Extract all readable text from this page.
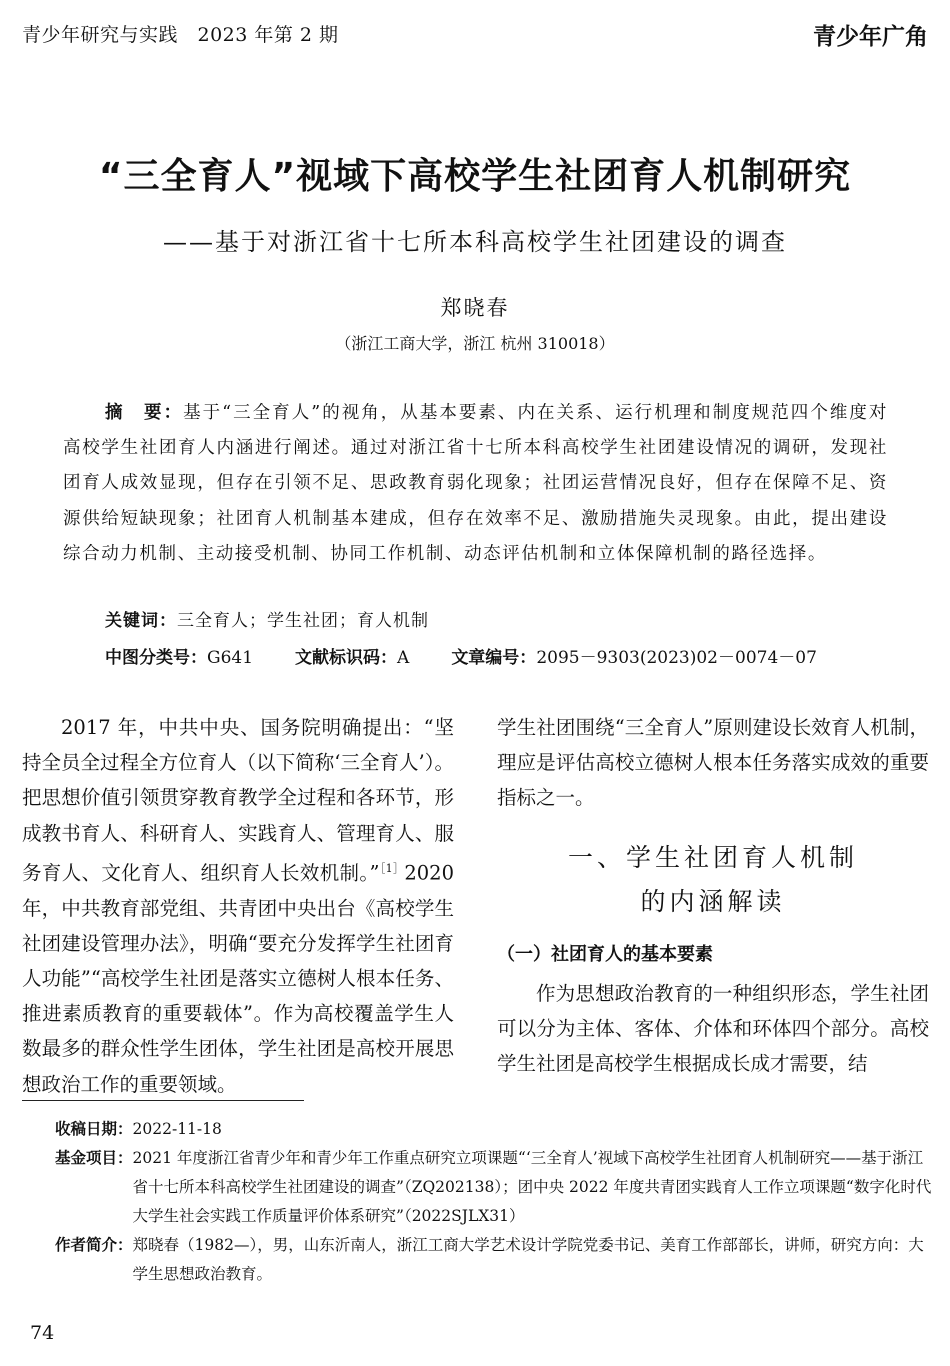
青少年研究与实践　2023 年第 2 期	青少年广角
“三全育人”视域下高校学生社团育人机制研究
——基于对浙江省十七所本科高校学生社团建设的调查
郑晓春
（浙江工商大学，浙江 杭州 310018）
摘　要：基于“三全育人”的视角，从基本要素、内在关系、运行机理和制度规范四个维度对高校学生社团育人内涵进行阐述。通过对浙江省十七所本科高校学生社团建设情况的调研，发现社团育人成效显现，但存在引领不足、思政教育弱化现象；社团运营情况良好，但存在保障不足、资源供给短缺现象；社团育人机制基本建成，但存在效率不足、激励措施失灵现象。由此，提出建设综合动力机制、主动接受机制、协同工作机制、动态评估机制和立体保障机制的路径选择。
关键词：三全育人；学生社团；育人机制
中图分类号：G641 文献标识码：A 文章编号：2095－9303(2023)02－0074－07

2017 年，中共中央、国务院明确提出：“坚持全员全过程全方位育人（以下简称‘三全育人’）。把思想价值引领贯穿教育教学全过程和各环节，形成教书育人、科研育人、实践育人、管理育人、服务育人、文化育人、组织育人长效机制。”$^{[1]}$2020 年，中共教育部党组、共青团中央出台《高校学生社团建设管理办法》，明确“要充分发挥学生社团育人功能”“高校学生社团是落实立德树人根本任务、推进素质教育的重要载体”。作为高校覆盖学生人数最多的群众性学生团体，学生社团是高校开展思想政治工作的重要领域。

学生社团围绕“三全育人”原则建设长效育人机制，理应是评估高校立德树人根本任务落实成效的重要指标之一。

一、学生社团育人机制
的内涵解读
（一）社团育人的基本要素

作为思想政治教育的一种组织形态，学生社团可以分为主体、客体、介体和环体四个部分。高校学生社团是高校学生根据成长成才需要，结

收稿日期： 2022-11-18
基金项目： 2021 年度浙江省青少年和青少年工作重点研究立项课题“‘三全育人’视域下高校学生社团育人机制研究——基于浙江省十七所本科高校学生社团建设的调查”（ZQ202138）；团中央 2022 年度共青团实践育人工作立项课题“数字化时代大学生社会实践工作质量评价体系研究”（2022SJLX31）
作者简介： 郑晓春（1982—），男，山东沂南人，浙江工商大学艺术设计学院党委书记、美育工作部部长，讲师，研究方向：大学生思想政治教育。
74
